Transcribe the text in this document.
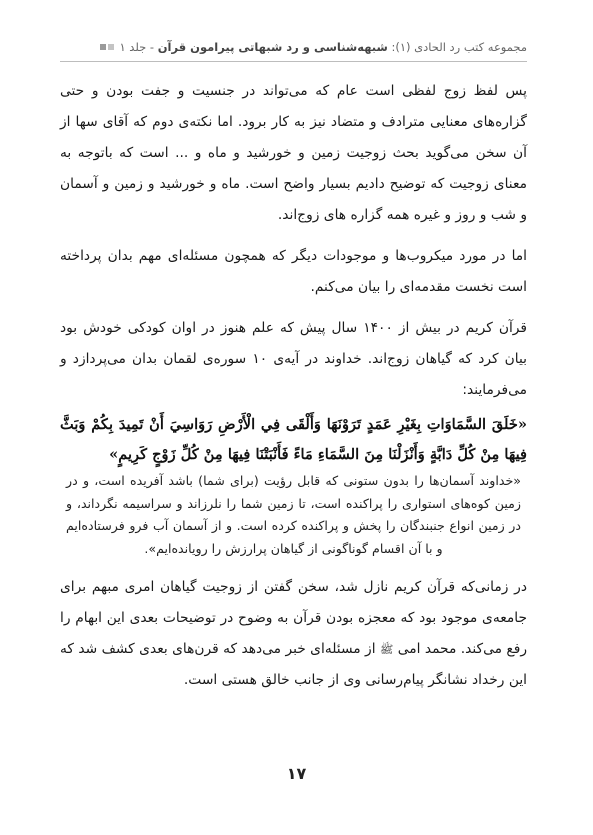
مجموعه کتب رد الحادی (۱):

شبهه‌شناسی و رد شبهاتی پیرامون قرآن

- جلد ۱

پس لفظ زوج لفظی است عام که می‌تواند در جنسیت و جفت بودن و حتی گزاره‌های معنایی مترادف و متضاد نیز به کار برود. اما نکته‌ی دوم که آقای سها از آن سخن می‌گوید بحث زوجیت زمین و خورشید و ماه و ... است که باتوجه به معنای زوجیت که توضیح دادیم بسیار واضح است. ماه و خورشید و زمین و آسمان و شب و روز و غیره همه گزاره های زوج‌اند.

اما در مورد میکروب‌ها و موجودات دیگر که همچون مسئله‌ای مهم بدان پرداخته است نخست مقدمه‌ای را بیان می‌کنم.

قرآن کریم در بیش از ۱۴۰۰ سال پیش که علم هنوز در اوان کودکی خودش بود بیان کرد که گیاهان زوج‌اند. خداوند در آیه‌ی ۱۰ سوره‌ی لقمان بدان می‌پردازد و می‌فرمایند:

«خَلَقَ السَّمَاوَاتِ بِغَيْرِ عَمَدٍ تَرَوْنَهَا وَأَلْقَى فِي الْأَرْضِ رَوَاسِيَ أَنْ تَمِيدَ بِكُمْ وَبَثَّ فِيهَا مِنْ كُلِّ دَابَّةٍ وَأَنْزَلْنَا مِنَ السَّمَاءِ مَاءً فَأَنْبَتْنَا فِيهَا مِنْ كُلِّ زَوْجٍ كَرِيمٍ»

«خداوند آسمان‌ها را بدون ستونی که قابل رؤیت (برای شما) باشد آفریده است، و در زمین کوه‌های استواری را پراکنده است، تا زمین شما را نلرزاند و سراسیمه نگرداند، و در زمین انواع جنبندگان را پخش و پراکنده کرده است. و از آسمان آب فرو فرستاده‌ایم و با آن اقسام گوناگونی از گیاهان پرارزش را رویانده‌ایم».

در زمانی‌که قرآن کریم نازل شد، سخن گفتن از زوجیت گیاهان امری مبهم برای جامعه‌ی موجود بود که معجزه بودن قرآن به وضوح در توضیحات بعدی این ابهام را رفع می‌کند. محمد امی ﷺ از مسئله‌ای خبر می‌دهد که قرن‌های بعدی کشف شد که این رخداد نشانگر پیام‌رسانی وی از جانب خالق هستی است.

۱۷
